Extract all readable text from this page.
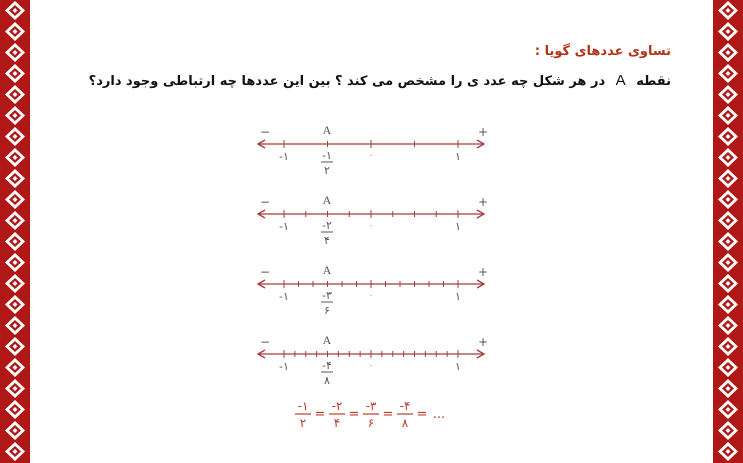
تساوی عددهای گویا :
نقطه A در هر شکل چه عدد ی را مشخص می کند ؟ بین این عددها چه ارتباطی وجود دارد؟
−	+
A
-۱	۰	۱
-۱
۲
−	+
A
-۱	۰	۱
-۲
۴
−	+
A
-۱	۰	۱
-۳
۶
−	+
A
-۱	۰	۱
-۴
۸
-۱
۲
=
-۲
۴
=
-۳
۶
=
-۴
۸
= ...
